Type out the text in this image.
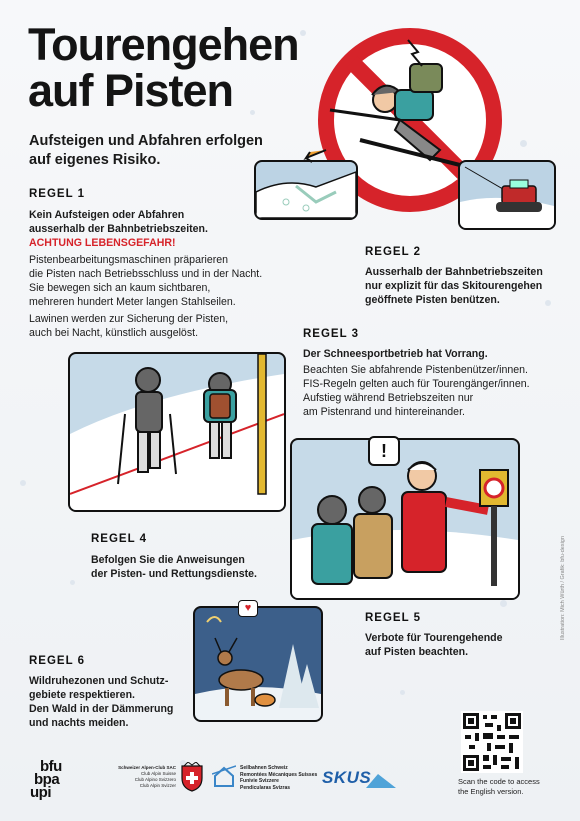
Tourengehen
auf Pisten
Aufsteigen und Abfahren erfolgen
auf eigenes Risiko.
REGEL 1
Kein Aufsteigen oder Abfahren
ausserhalb der Bahnbetriebszeiten.
ACHTUNG LEBENSGEFAHR!
Pistenbearbeitungsmaschinen präparieren
die Pisten nach Betriebsschluss und in der Nacht.
Sie bewegen sich an kaum sichtbaren,
mehreren hundert Meter langen Stahlseilen.
Lawinen werden zur Sicherung der Pisten,
auch bei Nacht, künstlich ausgelöst.
REGEL 2
Ausserhalb der Bahnbetriebszeiten
nur explizit für das Skitourengehen
geöffnete Pisten benützen.
REGEL 3
Der Schneesportbetrieb hat Vorrang.
Beachten Sie abfahrende Pistenbenützer/innen.
FIS-Regeln gelten auch für Tourengänger/innen.
Aufstieg während Betriebszeiten nur
am Pistenrand und hintereinander.
!
REGEL 4
Befolgen Sie die Anweisungen
der Pisten- und Rettungsdienste.
♥
REGEL 5
Verbote für Tourengehende
auf Pisten beachten.
REGEL 6
Wildruhezonen und Schutz-
gebiete respektieren.
Den Wald in der Dämmerung
und nachts meiden.
Scan the code to access
the English version.
bfu
bpa
upi
Schweizer Alpen-Club SAC
Club Alpin Suisse
Club Alpino Svizzero
Club Alpin Svizzer
Seilbahnen Schweiz
Remontées Mécaniques Suisses
Funivie Svizzere
Pendicularas Svizras
SKUS
Illustration: Mich Würth / Grafik: bfu-design
